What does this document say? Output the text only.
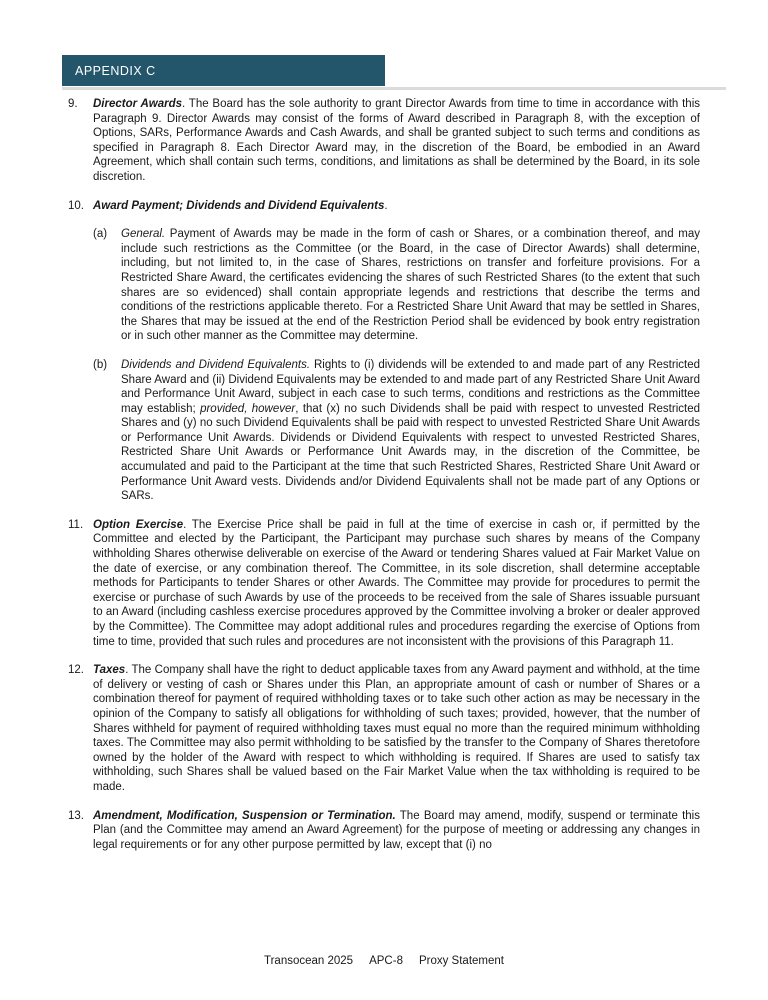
APPENDIX C
9.	Director Awards. The Board has the sole authority to grant Director Awards from time to time in accordance with this Paragraph 9. Director Awards may consist of the forms of Award described in Paragraph 8, with the exception of Options, SARs, Performance Awards and Cash Awards, and shall be granted subject to such terms and conditions as specified in Paragraph 8. Each Director Award may, in the discretion of the Board, be embodied in an Award Agreement, which shall contain such terms, conditions, and limitations as shall be determined by the Board, in its sole discretion.
10. Award Payment; Dividends and Dividend Equivalents.
(a)	General. Payment of Awards may be made in the form of cash or Shares, or a combination thereof, and may include such restrictions as the Committee (or the Board, in the case of Director Awards) shall determine, including, but not limited to, in the case of Shares, restrictions on transfer and forfeiture provisions. For a Restricted Share Award, the certificates evidencing the shares of such Restricted Shares (to the extent that such shares are so evidenced) shall contain appropriate legends and restrictions that describe the terms and conditions of the restrictions applicable thereto. For a Restricted Share Unit Award that may be settled in Shares, the Shares that may be issued at the end of the Restriction Period shall be evidenced by book entry registration or in such other manner as the Committee may determine.
(b)	Dividends and Dividend Equivalents. Rights to (i) dividends will be extended to and made part of any Restricted Share Award and (ii) Dividend Equivalents may be extended to and made part of any Restricted Share Unit Award and Performance Unit Award, subject in each case to such terms, conditions and restrictions as the Committee may establish; provided, however, that (x) no such Dividends shall be paid with respect to unvested Restricted Shares and (y) no such Dividend Equivalents shall be paid with respect to unvested Restricted Share Unit Awards or Performance Unit Awards. Dividends or Dividend Equivalents with respect to unvested Restricted Shares, Restricted Share Unit Awards or Performance Unit Awards may, in the discretion of the Committee, be accumulated and paid to the Participant at the time that such Restricted Shares, Restricted Share Unit Award or Performance Unit Award vests. Dividends and/or Dividend Equivalents shall not be made part of any Options or SARs.
11. Option Exercise. The Exercise Price shall be paid in full at the time of exercise in cash or, if permitted by the Committee and elected by the Participant, the Participant may purchase such shares by means of the Company withholding Shares otherwise deliverable on exercise of the Award or tendering Shares valued at Fair Market Value on the date of exercise, or any combination thereof. The Committee, in its sole discretion, shall determine acceptable methods for Participants to tender Shares or other Awards. The Committee may provide for procedures to permit the exercise or purchase of such Awards by use of the proceeds to be received from the sale of Shares issuable pursuant to an Award (including cashless exercise procedures approved by the Committee involving a broker or dealer approved by the Committee). The Committee may adopt additional rules and procedures regarding the exercise of Options from time to time, provided that such rules and procedures are not inconsistent with the provisions of this Paragraph 11.
12. Taxes. The Company shall have the right to deduct applicable taxes from any Award payment and withhold, at the time of delivery or vesting of cash or Shares under this Plan, an appropriate amount of cash or number of Shares or a combination thereof for payment of required withholding taxes or to take such other action as may be necessary in the opinion of the Company to satisfy all obligations for withholding of such taxes; provided, however, that the number of Shares withheld for payment of required withholding taxes must equal no more than the required minimum withholding taxes. The Committee may also permit withholding to be satisfied by the transfer to the Company of Shares theretofore owned by the holder of the Award with respect to which withholding is required. If Shares are used to satisfy tax withholding, such Shares shall be valued based on the Fair Market Value when the tax withholding is required to be made.
13. Amendment, Modification, Suspension or Termination. The Board may amend, modify, suspend or terminate this Plan (and the Committee may amend an Award Agreement) for the purpose of meeting or addressing any changes in legal requirements or for any other purpose permitted by law, except that (i) no
Transocean 2025 APC-8 Proxy Statement
